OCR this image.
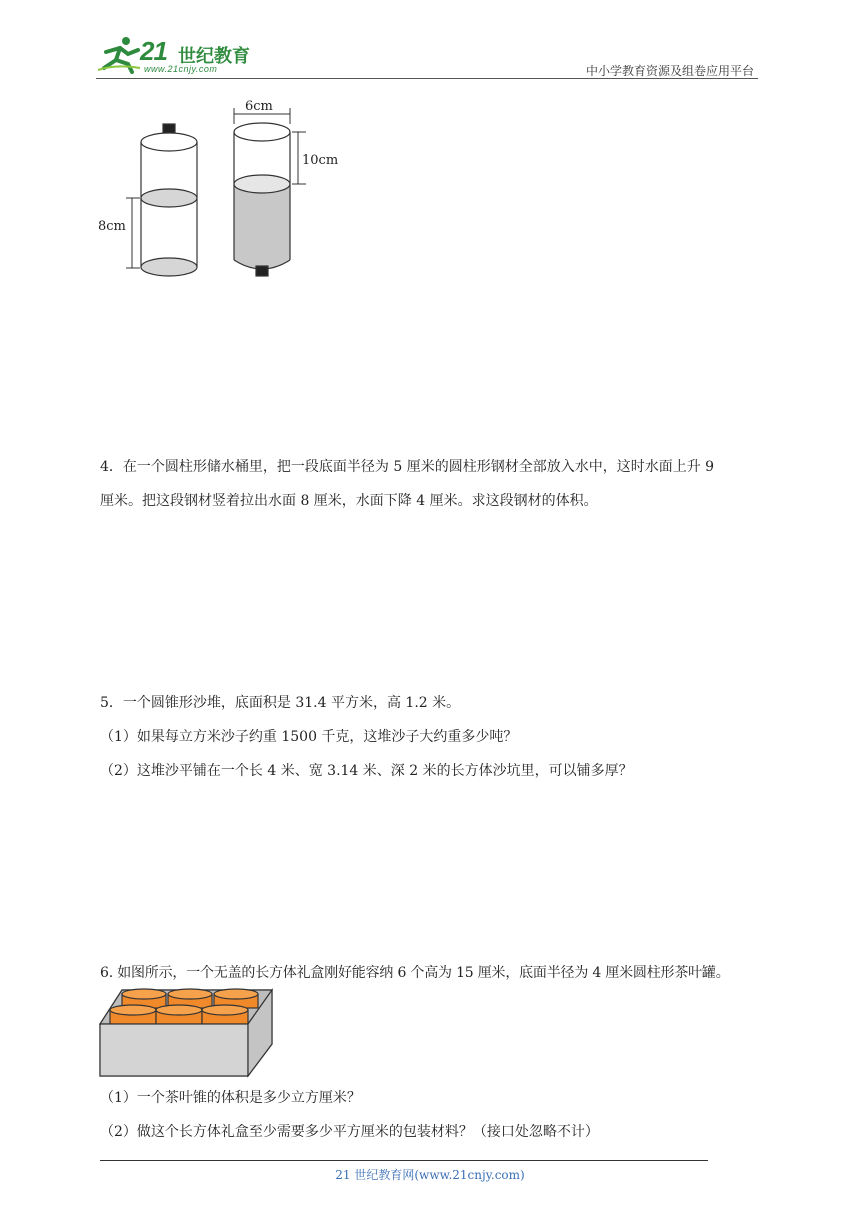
21 世纪教育
www.21cnjy.com	中小学教育资源及组卷应用平台
8cm
6cm
10cm
4．在一个圆柱形储水桶里，把一段底面半径为 5 厘米的圆柱形钢材全部放入水中，这时水面上升 9
厘米。把这段钢材竖着拉出水面 8 厘米，水面下降 4 厘米。求这段钢材的体积。
5．一个圆锥形沙堆，底面积是 31.4 平方米，高 1.2 米。
（1）如果每立方米沙子约重 1500 千克，这堆沙子大约重多少吨？
（2）这堆沙平铺在一个长 4 米、宽 3.14 米、深 2 米的长方体沙坑里，可以铺多厚？
6. 如图所示，一个无盖的长方体礼盒刚好能容纳 6 个高为 15 厘米，底面半径为 4 厘米圆柱形茶叶罐。
（1）一个茶叶锥的体积是多少立方厘米？
（2）做这个长方体礼盒至少需要多少平方厘米的包装材料？（接口处忽略不计）
21 世纪教育网(www.21cnjy.com)
